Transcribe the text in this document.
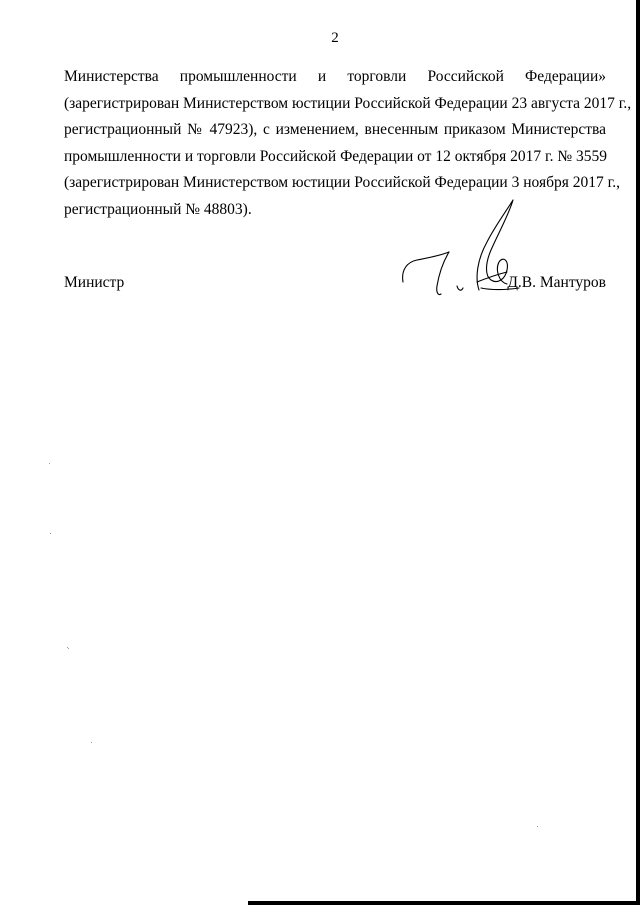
2
Министерства промышленности и торговли Российской Федерации»
(зарегистрирован Министерством юстиции Российской Федерации 23 августа 2017 г.,
регистрационный № 47923), с изменением, внесенным приказом Министерства
промышленности и торговли Российской Федерации от 12 октября 2017 г. № 3559
(зарегистрирован Министерством юстиции Российской Федерации 3 ноября 2017 г.,
регистрационный № 48803).
Министр	Д.В. Мантуров
